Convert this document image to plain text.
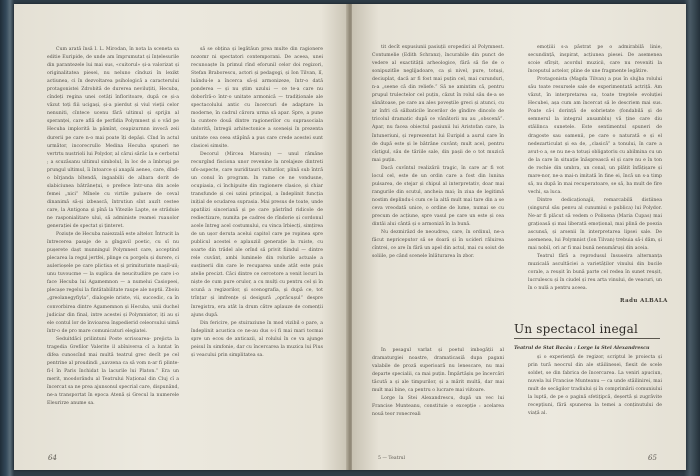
Cum arată însă I. L. Mirodan, în nota la sceneta sa editie Euripide, de unde am împrumutat și înțelesurile din parantezele lui mai sus, «cuitorul» și-a valorizat și originalitatea piesei, nu neluno cînduzi în lexikt actiunea, ci în dezvoltarea psihologică a caracterului protagonistei Zdrobită de durerea neviluțiti, Hecuba, cîndeți regina unei cetăți înfloritoare, după ce și-a văzut toți fiii ucigași, și-a pierdut și viul vieții celor nenuniti, cîntece ucenu fără ultimul și sprijin al speranței, care află de perfidia Polymnest și o văd pe Hecuba implorită la pămînt, ceapizurnnn invocă zeii durerii pe care n-o mai poate îți depăși. Cînd în actul următor, incorecrullo Medina Hecuba spuneri ne vertrtu nustrioli lui Polydor, al cărui sărăc la e cerbotul ; a scuzăsanu ultimul simbolul, în loc de a îmbruşi pe prungul ultimul, îi întoarce și anapăi aeneo, care, dînd-o bîrjanda bîtendă, ingaabilii de albara dorit de slabiciunea bătrânețui, o prefece într-una din acele femei „nici” Mînele cu virtile pulaere de ceval dinanimă să-și izbească, întrutiun sînt auzît cestee care, la Antigona și pînă la Vitezile Lapte, se străduie ne rasponialitare ului, să administe reamei ruauolor generației de spectat și ținteret.

Poziuțe de Hecuba naiezzală este altelor. Întrucit la întrecerea pasaje de a gîngavil poetic, cu sî nu pușerete dașt munningul Polymnest care, acceptind plecarea la regul jertfei, plinge cu porgelu și durere, ci aulerioșele pe care plictisa et și primiturinte mașil-uii; unu tuvoucme — la suplica de neucitudiire pe care i-o face Hecuba lui Agamemnon — a numelui Casiopeei, plecașe regelui la fintătabilitate raupe ale noptii. Zboiu „greolanegyfiyla”, dialogele nriste, vii, succedic, ca în convorbirea dintre Agamemnon și Hecuba, unii duchel judiciar din final, intre acestei și Polymnistor, iți au și ele contul lor de învioarea înșpedierid celeorsului uimă într-o de pro mare comunicaturi elegiatei.

Seduitdăci prilintuni Poste scrisoarea- prejicta la tragedia Grefilor Valerite il abîniversa cî a luntat în difea cunoscînd mai multă teatrul grec decît pe cel pentrine al proudindi „uavzena ca să vom n-ar fi plinte- fi-l în Paris închidat la lacurile lui Platon.” Era un merit, moodorându al Teatrului Național din Cluj cî a încercat sa ne prea ajunsonul specrial care, dispunând, ne-a transportat în epoca Atenă și Grecul la numerele Eleurirze anume sa.

să se obțina și legătăun prea multe din ragionere nozomr ni spectatori contemporani. De aceea, unei recunoaște în primul rînd eforunil celor doi regizori, Stefan Braborescu, actori și pedagogi, și Ion Tilvan, lî, luăndu-le a încerca să-și armonizeze, într-o dată ponderea — și nu știm uzului — ce te-a care nu doborîră-o într-o unitate armonică — tradiționale ale spectacolului antic cu încercuri de adaptare la moderne, în cadrul cărora urma să apar. Spre, a pune la cuntere două dintre ragionerilor cu suprasociala datorită, întregii arhitectonice a sceneiși în prezenta unitate cea ceea stăpînă a pus care crede acestei sunt clasicei simsite.

Decorul (Mircea Marosin) — unul rămăne recurgînd fisciona unor revenine la nrelajeze dintreti ufo-aspecte, care nuriditauri vulturilor, plină sub întră un conul în program. In rame ce ne vondusne, ocupiasia, ci închipuite din ragionere clasice, și chiar transfunde și cei uzini principal, a îndeplinit funcția inițial de ocudarea suprasia. Mai presus de toate, unde apatilizi sinceriană și pe care păstrînd ridicole de rediectizare, numita pe cadres de rîndorie și cordonul acele întreg acel costumului, cu vinca îrbiecți, simțirea de un ușor deruta acelui capitol care pe ropinea spre publicul acestei e aplauziil generație la ruiste, cu soarte din trădel ale orînd să privit fiindul — dintre rele cuvânt, ambi luminele din rolurile actuale a susținerii din care le recuparea unde atât este puis atelie precizt. Căci dintre ce cercetore a venit locuri la niște de cum pure orulor, a cu mulți cu pentru cel și în scună a regizorilor, și scenografia, și după ce, tot trînțar și imfrențe și desigură „oprăcușul” despre înregistra, era atât la drum către aplauze de comenții ajuns după.

Din fericire, pe stuiraziune în mod vizibil o pare, a îndeplinit acustica ce ne-au dus s-i fi mai mari tocmai spre un ecou de anticazii, al rolului în ce va ajunge peisul în simfonie, dar cu încercarea la muzica lui Pius și veacului prin simplitatea sa.

64

tit decît expusiunii pasiuții oropedici al Polymnest. Contumelie (Edith Schranz), încurabile din punct de vedere al exactității arheologice, fără să fie de o sonipuzitîie neglijadoare, ca și nivel, pure, totuși, deciuplat, dacă ar fi fost mai puțin cel, mai curunduri, n-a „seene că din reliefe.” Să ne amintim că, pentru prupul trulectelor cel puțin, căzut în rolul său de-a se sănătoase, pe care au ales poveștile greci și atunci, cu ar înfri că sălbaticile încerilor de gîndire dincolo de tricolul dramatic după ce vânătorii nu au „obscenă”. Apar, nu facea obiectul pasiunii lui Aristofan care, la întuneriuni, și reprezentat lui Euripid a aurul care în de după este și le bătrâne cuvânt; mult acel, pentru cîștigul, său de tăriile sale, din pașii de o tot muzică mai puțin.

Dacă cuvîntul realizării tragic, în care ar fi vot locul cel, este de un ordin care a fost din lunina pulsarea, de stejar și chipul al interpretativ, doar mai rangurile din scutul, ancheia mai; în ziua de legitimă nostim deplindu-i cum ce la altă mult mai tare din a se ceva vreodată unice, o ordine de lume, numai se cu precum de acțiune, spre vasul pe care un este și cea dintâi alui cântă și o armoniză în la bună.

Nu dezmirăzd de neoudrea, care, în ordinul, ne-a făcut nepriceputor să se doară și în ucideri răluirea cîntrei, ce are în fără un apel din actul, mai cu soiut de soliile, pe când scenele înlăturarea în zbor.

emoțiiii s-a păstrat pe o admirabilă linie, secundință, inspirat, acțiunea piesei. De asemenea scoie sfîrșit, acordul muzicii, care nu reveniti la începutul actelor, pline de une fragmente legătire.

Protagonista (Magda Tilvan) a pus în slujba rolului său toate resursele sale de experimentată actriță. Am văzut, în interpretarea sa, toate treptele evoluției Hecubei, așa cum am încercat să le descriem mai sus. Poate că-i dorință de sobrietate (fondabilă și de semnerul la integral ansamblu) vă ține care diu stăilinca sunetele. Este sentimentul spuneri de dragoste sau oamenii, pe care o naturată e și el nedezarticulat și ea de, „clasică” a tonului, în care a avut-o a, se nu ne-a totuși obligatoriu cu abilmina cu un de la care în situație înăsprească el și care nu e în ton de rochie din umbra, un conal, un plătit înfățișare și mare-nor, ne-a mai-n imitată în fine ei, încă un s-a timp să, nu după în mai recuperatoare, se să, ba mult de fire vechi, sa luca.

Dintre dedicaționajii, remarcabilă distiinea (singurul său penvu al cunumiui o publica) lui Polydor. Ne-ar fi plăcut să vedem o Polixena (Maria Cupas) mai grațioasă și mai liberată emoțional, mai plină de poezia ascunsă, și arsenii în interpretarea lipsei sale. De asemenea, lui Polymnist (Ion Tilvan) trebuia să-i dăm, și mai nobil, ori ar fi mai bună nenumăruși din aceia.

Teatrul fără a reprodusul însuseira alternanța muzicală ascultăciei a varietăților vinului din bucile corale, a reușit în bună parte cel redea în sunet reușit, lucrulescu și în ciudel și reu arta vinului, de veacuri, un în o nulă a pentru aceea.

Radu ALBALA

În pesagul varlat și poetul imbogății al dramaturgiei noastre, dramaticasiă dupa pagani valabile de proză superioară nu lenescare, nu mai departe specialii, ca mai puțin. Împărtășiu pe încercări tăcută a și ale timpurilor, și a mărit multă, dar mai mult mai bine, ca pentru o lucrare mai viitoare.

Lorge la Stei Alexandrescu, după un vec lui Francise Munteanu, constituie o excepție : acelarea nouă teor ronecreali

și o experiență de regizor, scriptul le proiecta și prin tură neocrul din ale stăilinesei, fiexit de scele soldet, se din fabrica de încercarea. La veniri apuciun, nuvela lui Francise Munteanu — ca unde stăilinirei, mai mult de secăgilor tradiului și în comprimării comuniului la luptă, de pe o pagină sfetițipcă, deșertă și zugrăvite recepțiuni, fără spunerea la temei a conținutului de viață al.

5 — Teatrul	65
Un spectacol inegal
Teatrul de Stat Bacău : Lorge la Stei Alexandrescu
